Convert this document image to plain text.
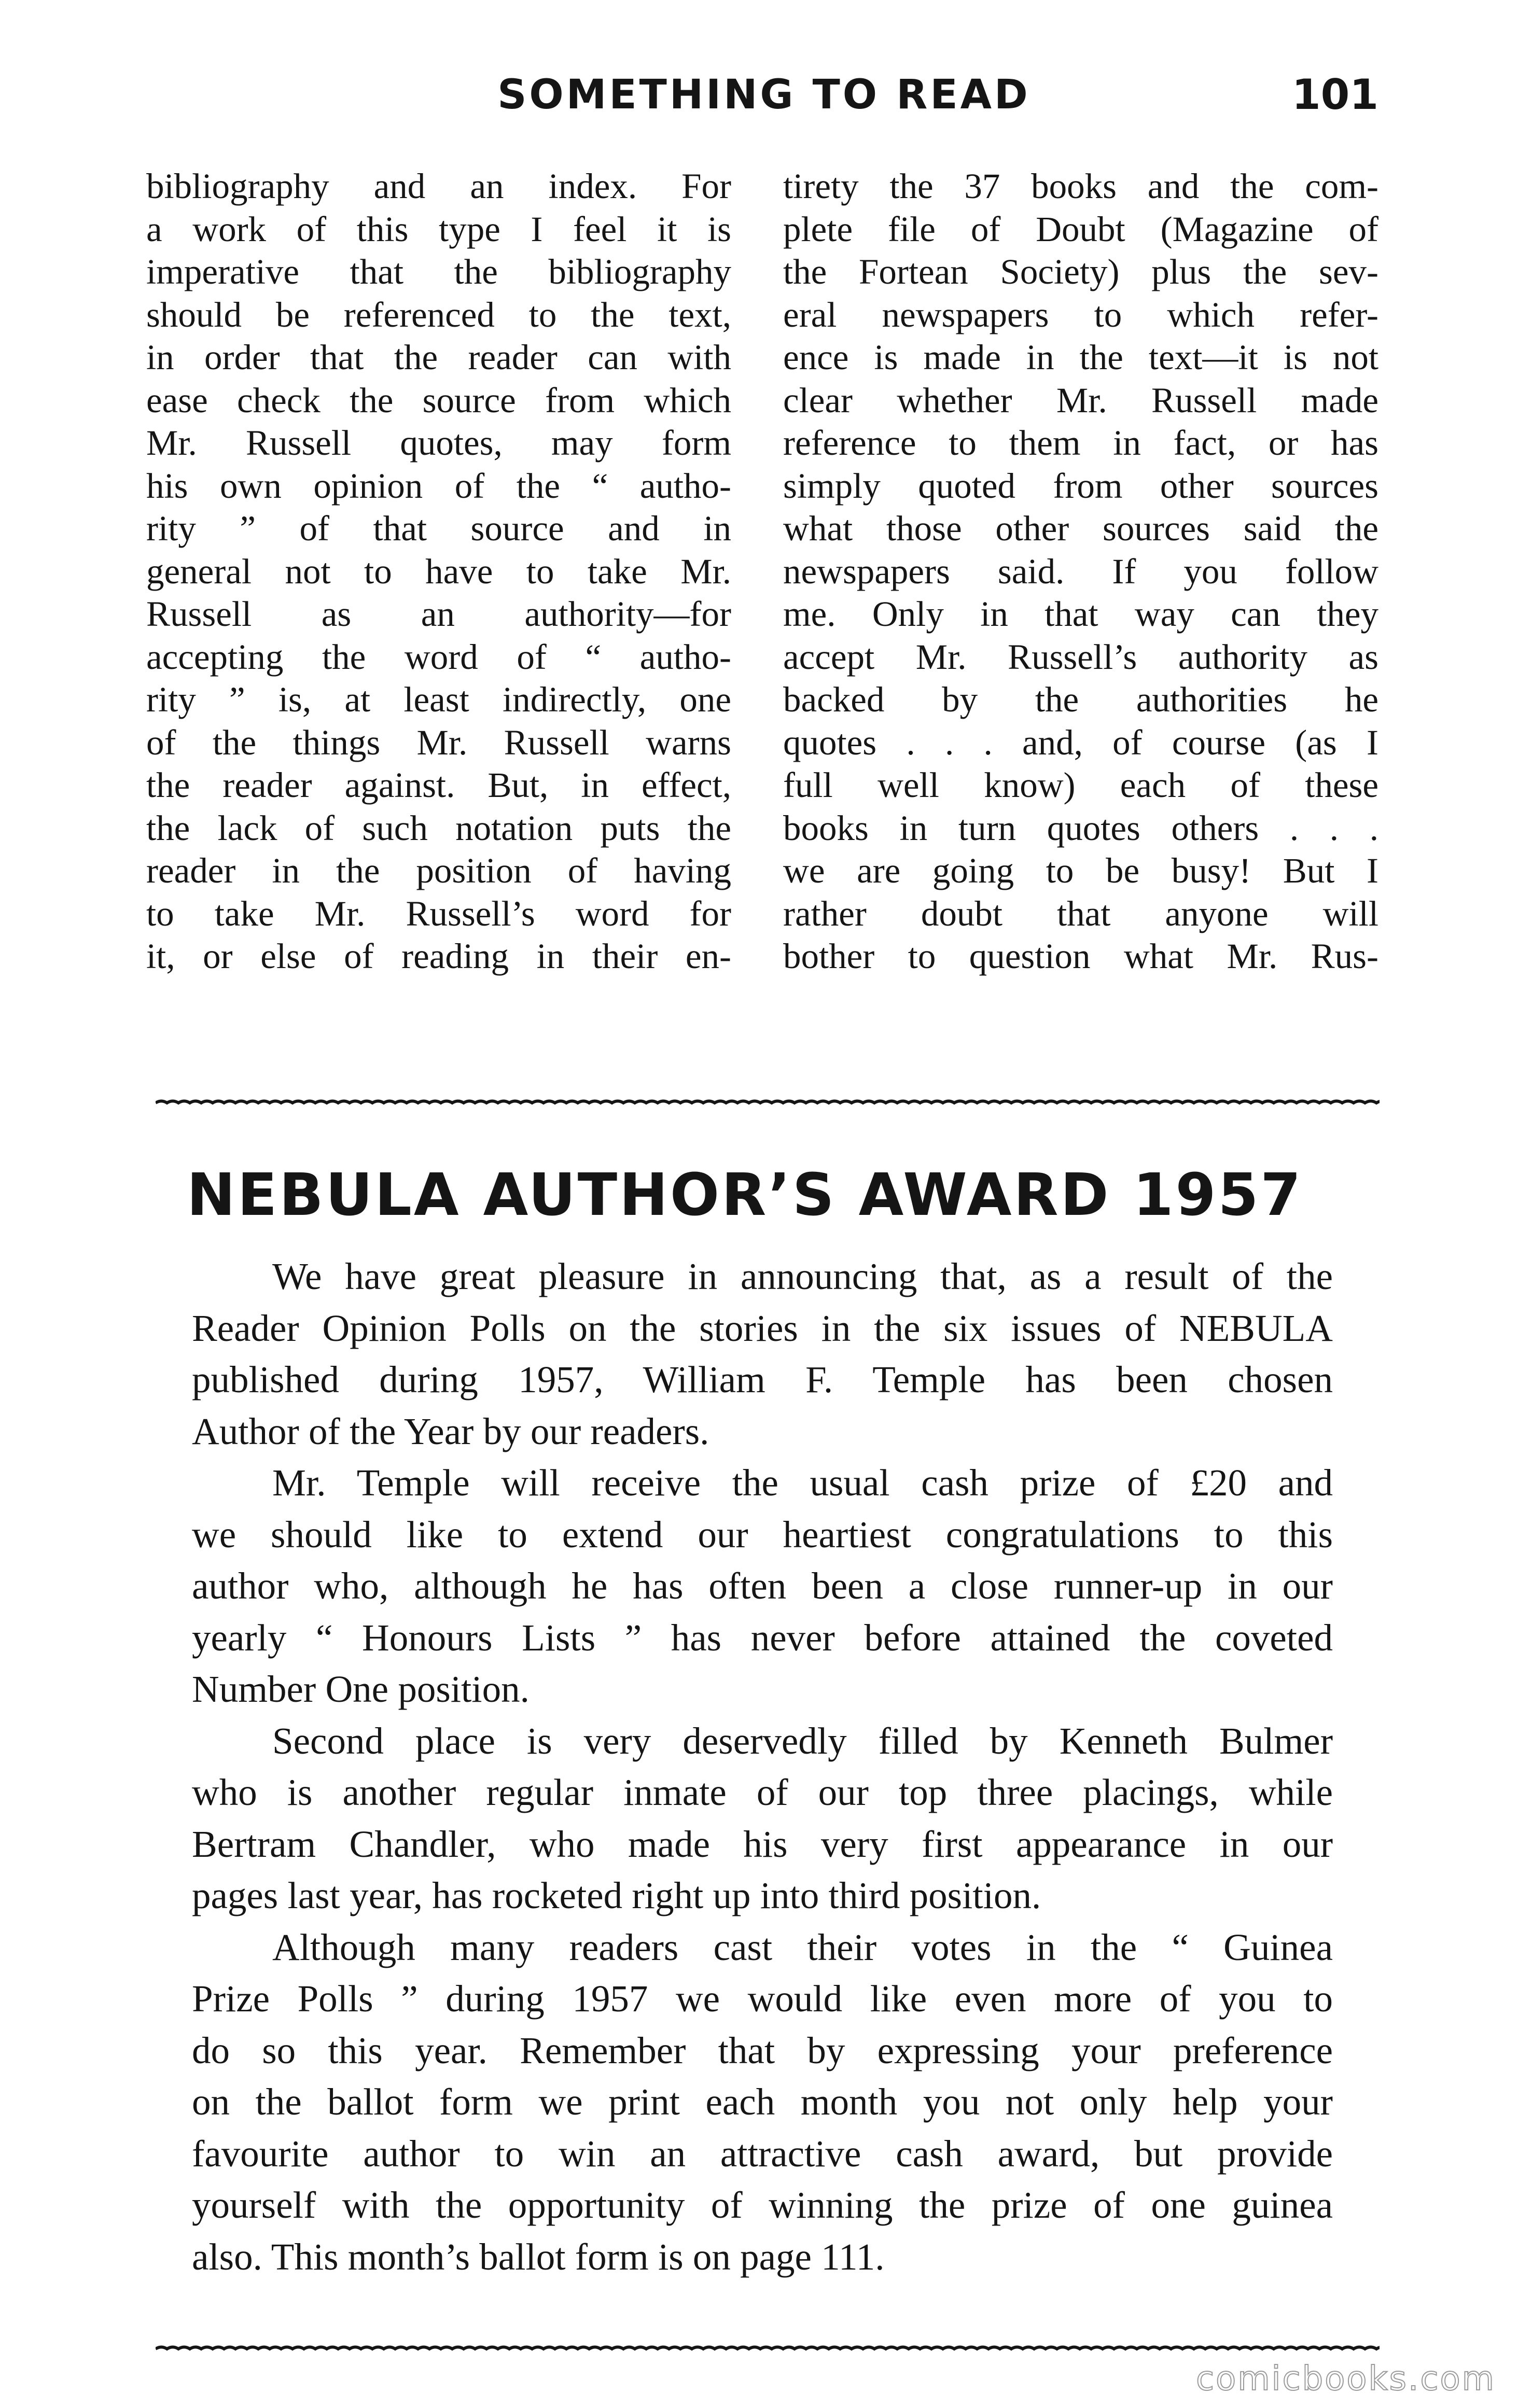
SOMETHING TO READ	101
bibliography and an index. For
a work of this type I feel it is
imperative that the bibliography
should be referenced to the text,
in order that the reader can with
ease check the source from which
Mr. Russell quotes, may form
his own opinion of the “ autho-
rity ” of that source and in
general not to have to take Mr.
Russell as an authority—for
accepting the word of “ autho-
rity ” is, at least indirectly, one
of the things Mr. Russell warns
the reader against. But, in effect,
the lack of such notation puts the
reader in the position of having
to take Mr. Russell’s word for
it, or else of reading in their en-
tirety the 37 books and the com-
plete file of Doubt (Magazine of
the Fortean Society) plus the sev-
eral newspapers to which refer-
ence is made in the text—it is not
clear whether Mr. Russell made
reference to them in fact, or has
simply quoted from other sources
what those other sources said the
newspapers said. If you follow
me. Only in that way can they
accept Mr. Russell’s authority as
backed by the authorities he
quotes . . . and, of course (as I
full well know) each of these
books in turn quotes others . . .
we are going to be busy! But I
rather doubt that anyone will
bother to question what Mr. Rus-
NEBULA AUTHOR’S AWARD 1957
We have great pleasure in announcing that, as a result of the
Reader Opinion Polls on the stories in the six issues of NEBULA
published during 1957, William F. Temple has been chosen
Author of the Year by our readers.
Mr. Temple will receive the usual cash prize of £20 and
we should like to extend our heartiest congratulations to this
author who, although he has often been a close runner-up in our
yearly “ Honours Lists ” has never before attained the coveted
Number One position.
Second place is very deservedly filled by Kenneth Bulmer
who is another regular inmate of our top three placings, while
Bertram Chandler, who made his very first appearance in our
pages last year, has rocketed right up into third position.
Although many readers cast their votes in the “ Guinea
Prize Polls ” during 1957 we would like even more of you to
do so this year. Remember that by expressing your preference
on the ballot form we print each month you not only help your
favourite author to win an attractive cash award, but provide
yourself with the opportunity of winning the prize of one guinea
also. This month’s ballot form is on page 111.
comicbooks.com
